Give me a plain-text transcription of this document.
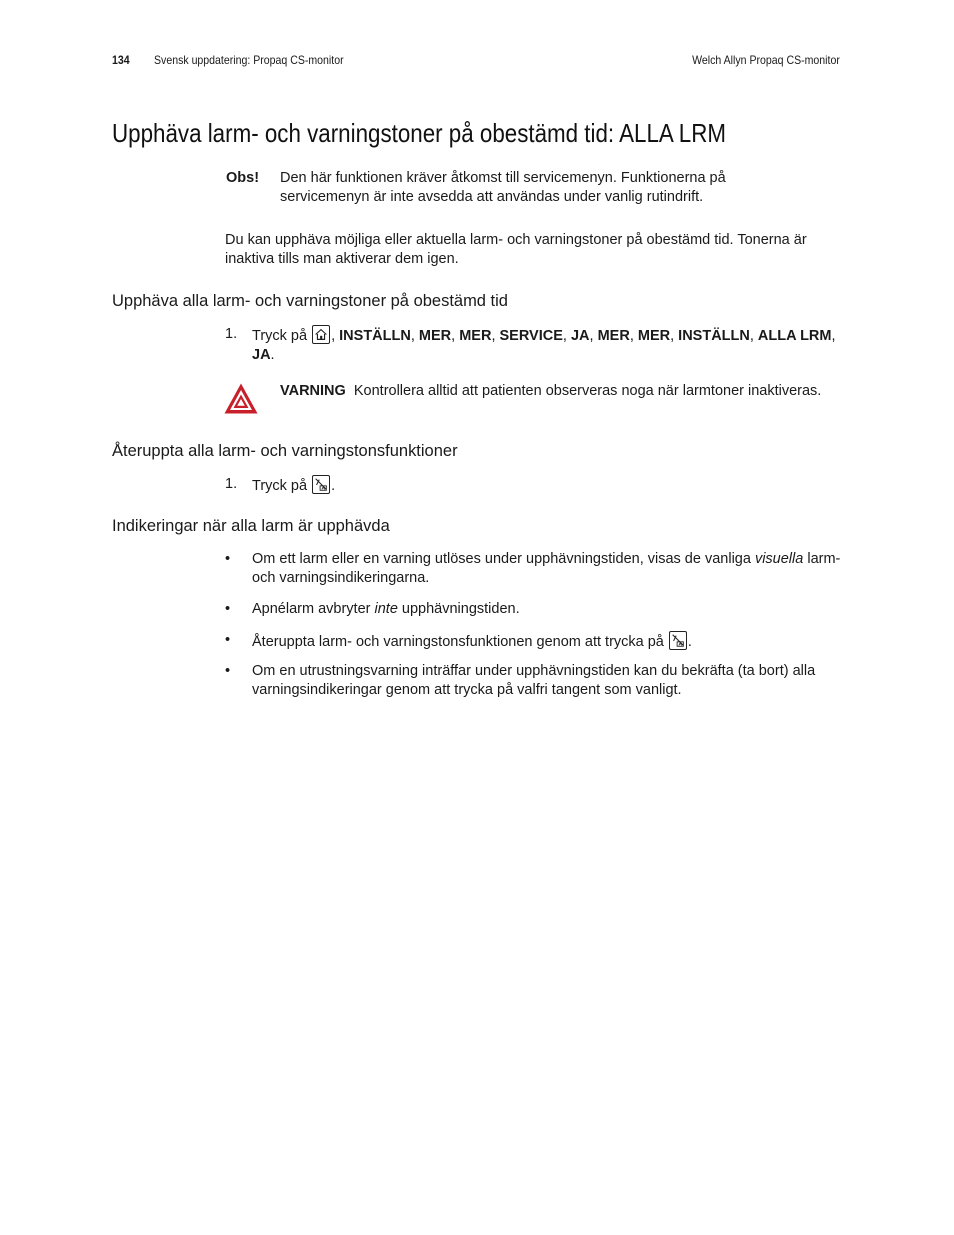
134 Svensk uppdatering: Propaq CS-monitor	Welch Allyn Propaq CS-monitor
Upphäva larm- och varningstoner på obestämd tid: ALLA LRM
Obs! Den här funktionen kräver åtkomst till servicemenyn. Funktionerna på servicemenyn är inte avsedda att användas under vanlig rutindrift.
Du kan upphäva möjliga eller aktuella larm- och varningstoner på obestämd tid. Tonerna är inaktiva tills man aktiverar dem igen.
Upphäva alla larm- och varningstoner på obestämd tid
1. Tryck på , INSTÄLLN, MER, MER, SERVICE, JA, MER, MER, INSTÄLLN, ALLA LRM, JA.
VARNING Kontrollera alltid att patienten observeras noga när larmtoner inaktiveras.
Återuppta alla larm- och varningstonsfunktioner
1. Tryck på .
Indikeringar när alla larm är upphävda
• Om ett larm eller en varning utlöses under upphävningstiden, visas de vanliga visuella larm- och varningsindikeringarna.
• Apnélarm avbryter inte upphävningstiden.
• Återuppta larm- och varningstonsfunktionen genom att trycka på .
• Om en utrustningsvarning inträffar under upphävningstiden kan du bekräfta (ta bort) alla varningsindikeringar genom att trycka på valfri tangent som vanligt.
